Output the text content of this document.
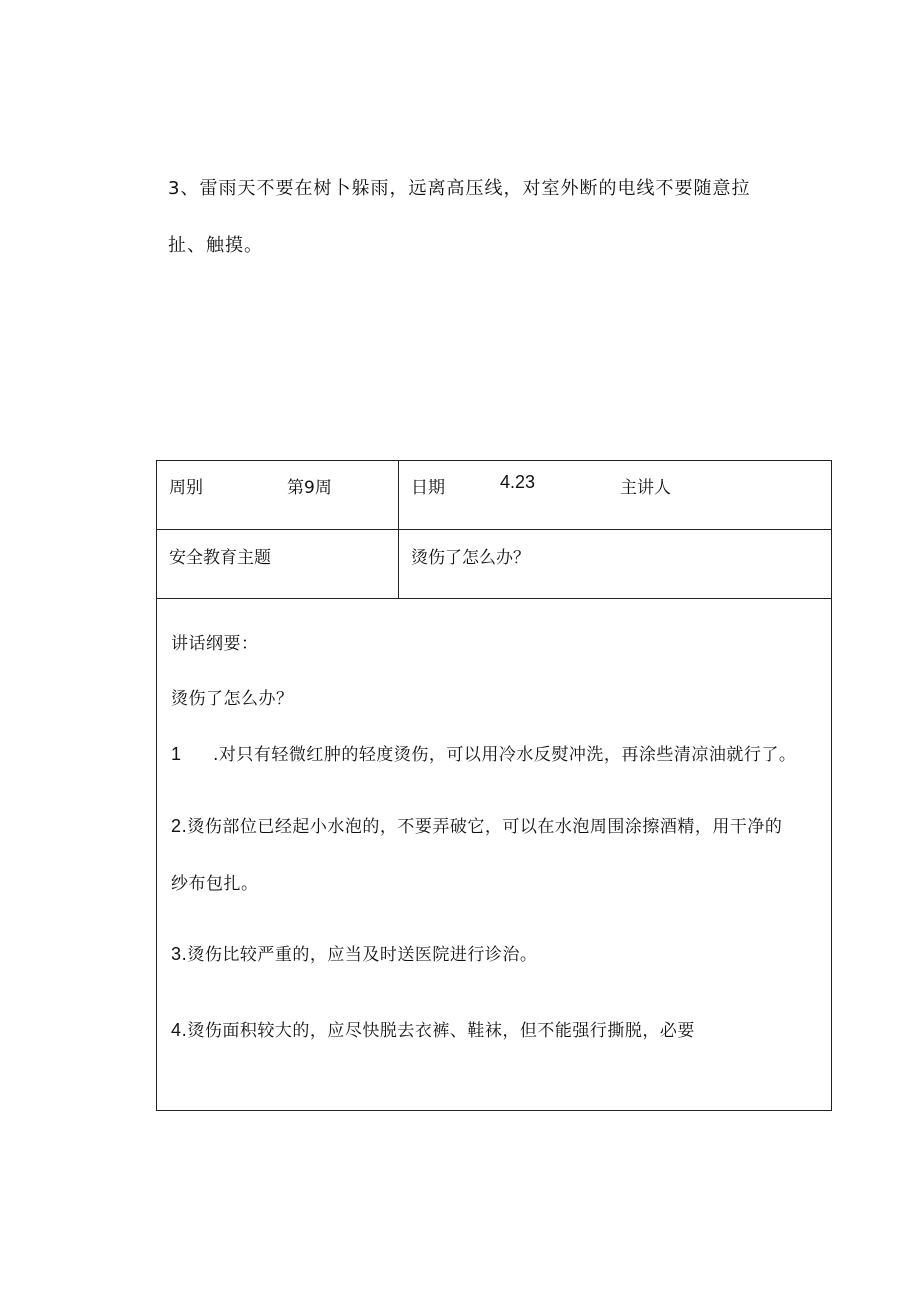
3、雷雨天不要在树卜躲雨，远离高压线，对室外断的电线不要随意拉
扯、触摸。
周别	第9周	日期	4.23	主讲人
安全教育主题	烫伤了怎么办？
讲话纲要：
烫伤了怎么办？
1 .对只有轻微红肿的轻度烫伤，可以用冷水反熨冲洗，再涂些清凉油就行了。
2.烫伤部位已经起小水泡的，不要弄破它，可以在水泡周围涂擦酒精，用干净的
纱布包扎。
3.烫伤比较严重的，应当及时送医院进行诊治。
4.烫伤面积较大的，应尽快脱去衣裤、鞋袜，但不能强行撕脱，必要
